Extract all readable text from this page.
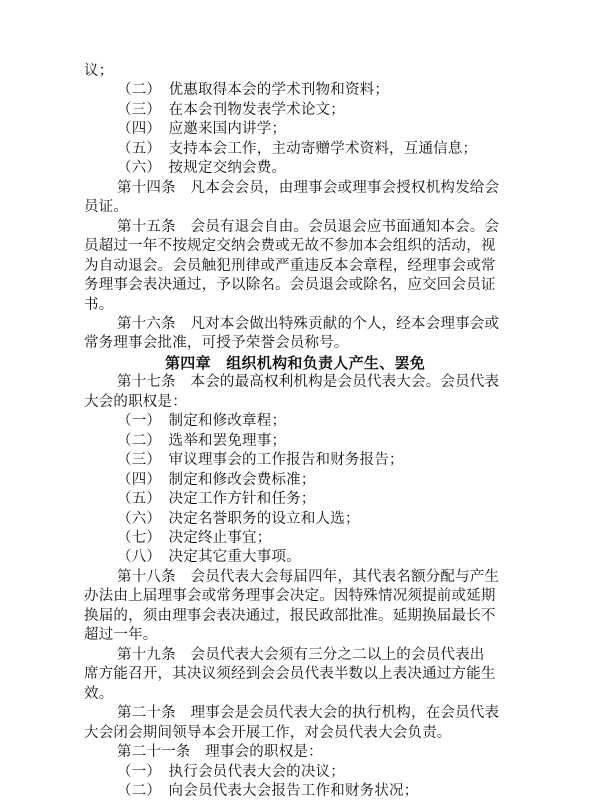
议；
（二）　优惠取得本会的学术刊物和资料；
（三）　在本会刊物发表学术论文；
（四）　应邀来国内讲学；
（五）　支持本会工作，主动寄赠学术资料，互通信息；
（六）　按规定交纳会费。
第十四条　凡本会会员，由理事会或理事会授权机构发给会
员证。
第十五条　会员有退会自由。会员退会应书面通知本会。会
员超过一年不按规定交纳会费或无故不参加本会组织的活动，视
为自动退会。会员触犯刑律或严重违反本会章程，经理事会或常
务理事会表决通过，予以除名。会员退会或除名，应交回会员证
书。
第十六条　凡对本会做出特殊贡献的个人，经本会理事会或
常务理事会批准，可授予荣誉会员称号。
第四章　组织机构和负责人产生、罢免
第十七条　本会的最高权利机构是会员代表大会。会员代表
大会的职权是：
（一）　制定和修改章程；
（二）　选举和罢免理事；
（三）　审议理事会的工作报告和财务报告；
（四）　制定和修改会费标准；
（五）　决定工作方针和任务；
（六）　决定名誉职务的设立和人选；
（七）　决定终止事宜；
（八）　决定其它重大事项。
第十八条　会员代表大会每届四年，其代表名额分配与产生
办法由上届理事会或常务理事会决定。因特殊情况须提前或延期
换届的，须由理事会表决通过，报民政部批准。延期换届最长不
超过一年。
第十九条　会员代表大会须有三分之二以上的会员代表出
席方能召开，其决议须经到会会员代表半数以上表决通过方能生
效。
第二十条　理事会是会员代表大会的执行机构，在会员代表
大会闭会期间领导本会开展工作，对会员代表大会负责。
第二十一条　理事会的职权是：
（一）　执行会员代表大会的决议；
（二）　向会员代表大会报告工作和财务状况；
